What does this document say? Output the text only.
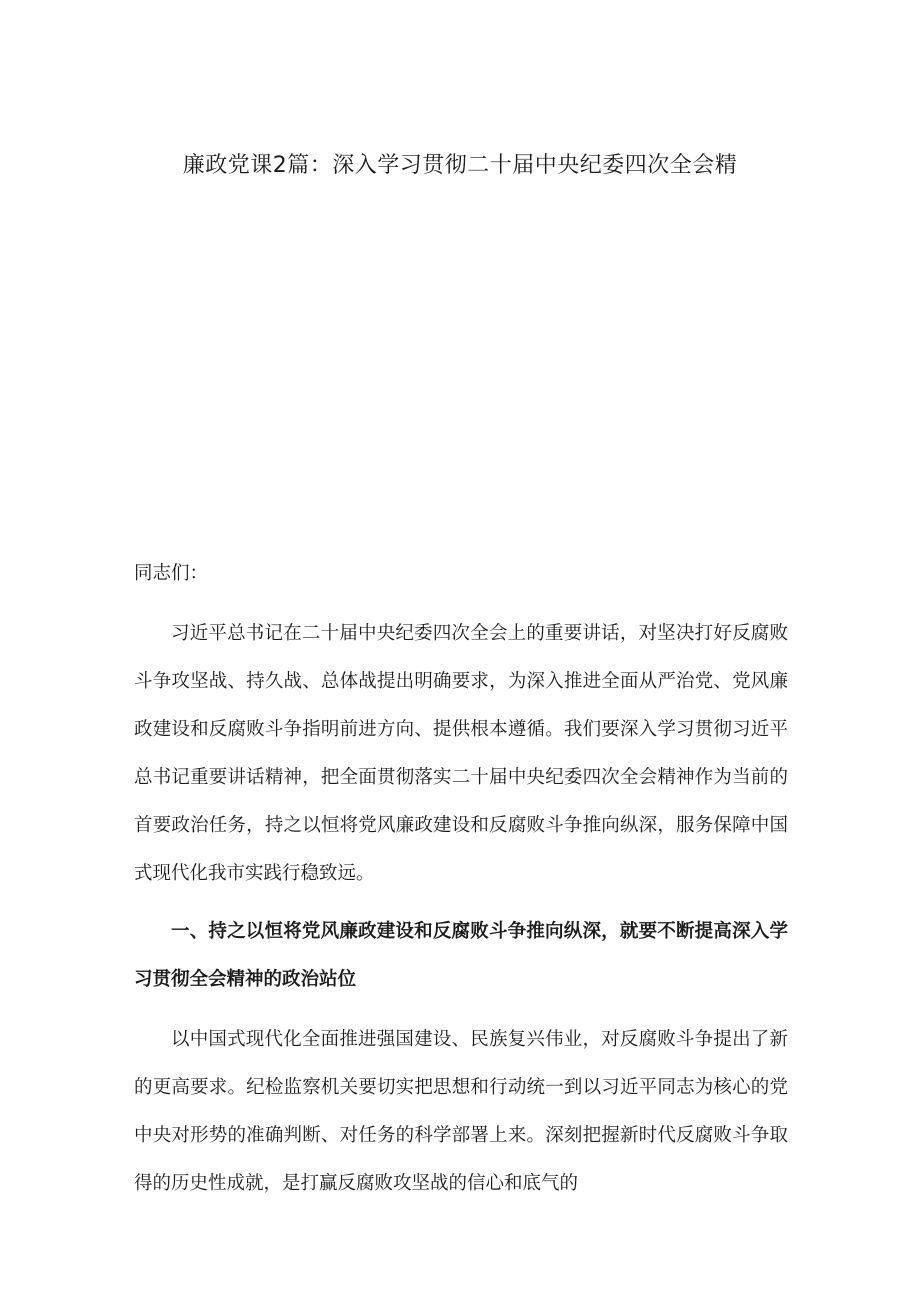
廉政党课2篇：深入学习贯彻二十届中央纪委四次全会精

同志们：

习近平总书记在二十届中央纪委四次全会上的重要讲话，对坚决打好反腐败斗争攻坚战、持久战、总体战提出明确要求，为深入推进全面从严治党、党风廉政建设和反腐败斗争指明前进方向、提供根本遵循。我们要深入学习贯彻习近平总书记重要讲话精神，把全面贯彻落实二十届中央纪委四次全会精神作为当前的首要政治任务，持之以恒将党风廉政建设和反腐败斗争推向纵深，服务保障中国式现代化我市实践行稳致远。

一、持之以恒将党风廉政建设和反腐败斗争推向纵深，就要不断提高深入学习贯彻全会精神的政治站位

以中国式现代化全面推进强国建设、民族复兴伟业，对反腐败斗争提出了新的更高要求。纪检监察机关要切实把思想和行动统一到以习近平同志为核心的党中央对形势的准确判断、对任务的科学部署上来。深刻把握新时代反腐败斗争取得的历史性成就，是打赢反腐败攻坚战的信心和底气的
